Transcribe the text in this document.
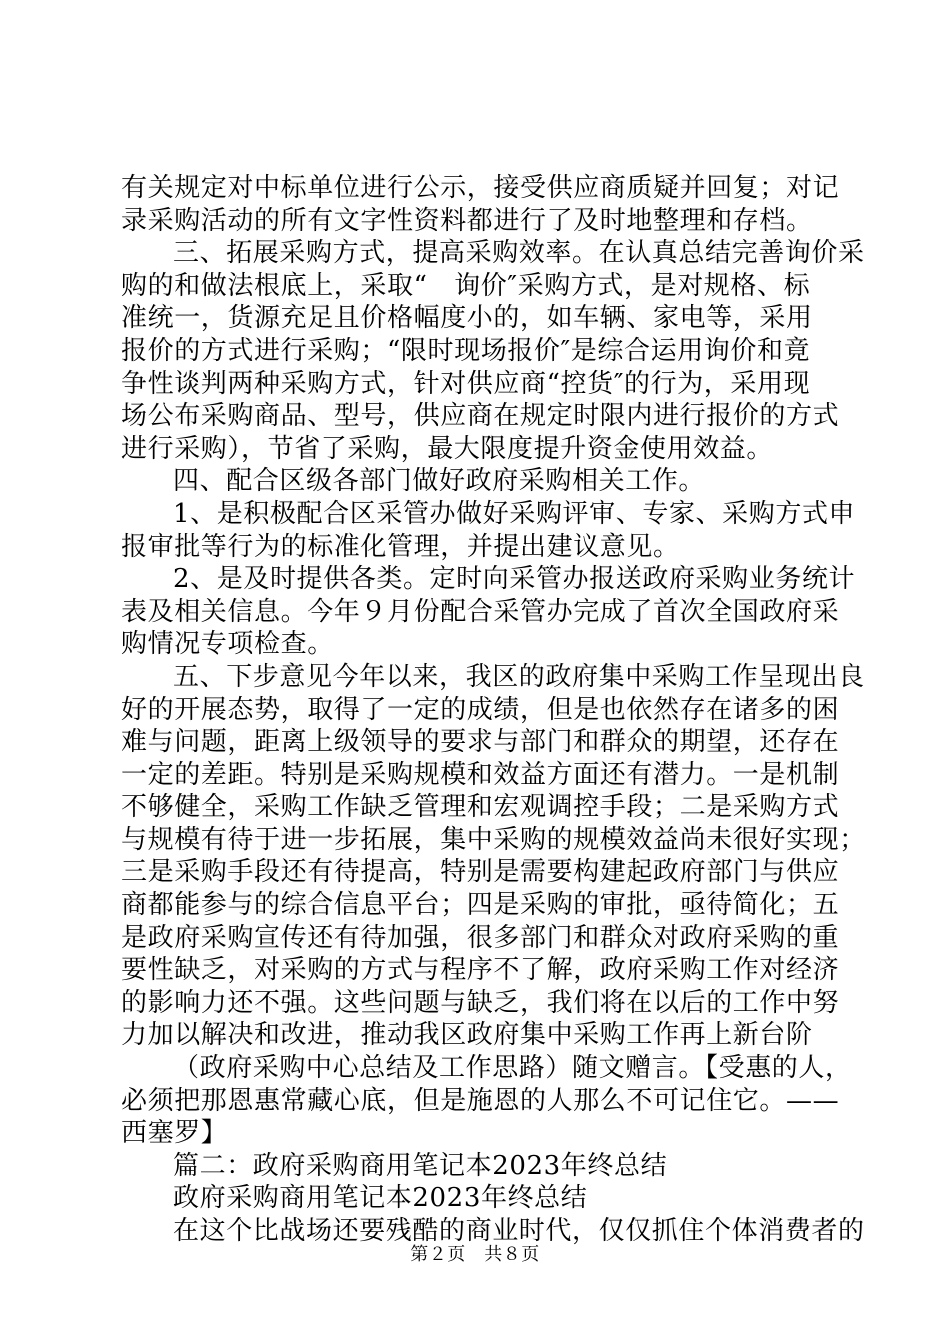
有关规定对中标单位进行公示，接受供应商质疑并回复；对记
录采购活动的所有文字性资料都进行了及时地整理和存档。
三、拓展采购方式，提高采购效率。在认真总结完善询价采
购的和做法根底上，采取“　询价″采购方式，是对规格、标
准统一，货源充足且价格幅度小的，如车辆、家电等，采用
报价的方式进行采购；“限时现场报价″是综合运用询价和竟
争性谈判两种采购方式，针对供应商“控货″的行为，采用现
场公布采购商品、型号，供应商在规定时限内进行报价的方式
进行采购），节省了采购，最大限度提升资金使用效益。
四、配合区级各部门做好政府采购相关工作。
1、是积极配合区采管办做好采购评审、专家、采购方式申
报审批等行为的标准化管理，并提出建议意见。
2、是及时提供各类。定时向采管办报送政府采购业务统计
表及相关信息。今年９月份配合采管办完成了首次全国政府采
购情况专项检查。
五、下步意见今年以来，我区的政府集中采购工作呈现出良
好的开展态势，取得了一定的成绩，但是也依然存在诸多的困
难与问题，距离上级领导的要求与部门和群众的期望，还存在
一定的差距。特别是采购规模和效益方面还有潜力。一是机制
不够健全，采购工作缺乏管理和宏观调控手段；二是采购方式
与规模有待于进一步拓展，集中采购的规模效益尚未很好实现；
三是采购手段还有待提高，特别是需要构建起政府部门与供应
商都能参与的综合信息平台；四是采购的审批，亟待简化；五
是政府采购宣传还有待加强，很多部门和群众对政府采购的重
要性缺乏，对采购的方式与程序不了解，政府采购工作对经济
的影响力还不强。这些问题与缺乏，我们将在以后的工作中努
力加以解决和改进，推动我区政府集中采购工作再上新台阶
（政府采购中心总结及工作思路）随文赠言。【受惠的人，
必须把那恩惠常藏心底，但是施恩的人那么不可记住它。——
西塞罗】
篇二：政府采购商用笔记本2023年终总结
政府采购商用笔记本2023年终总结
在这个比战场还要残酷的商业时代，仅仅抓住个体消费者的
第２页　共８页
